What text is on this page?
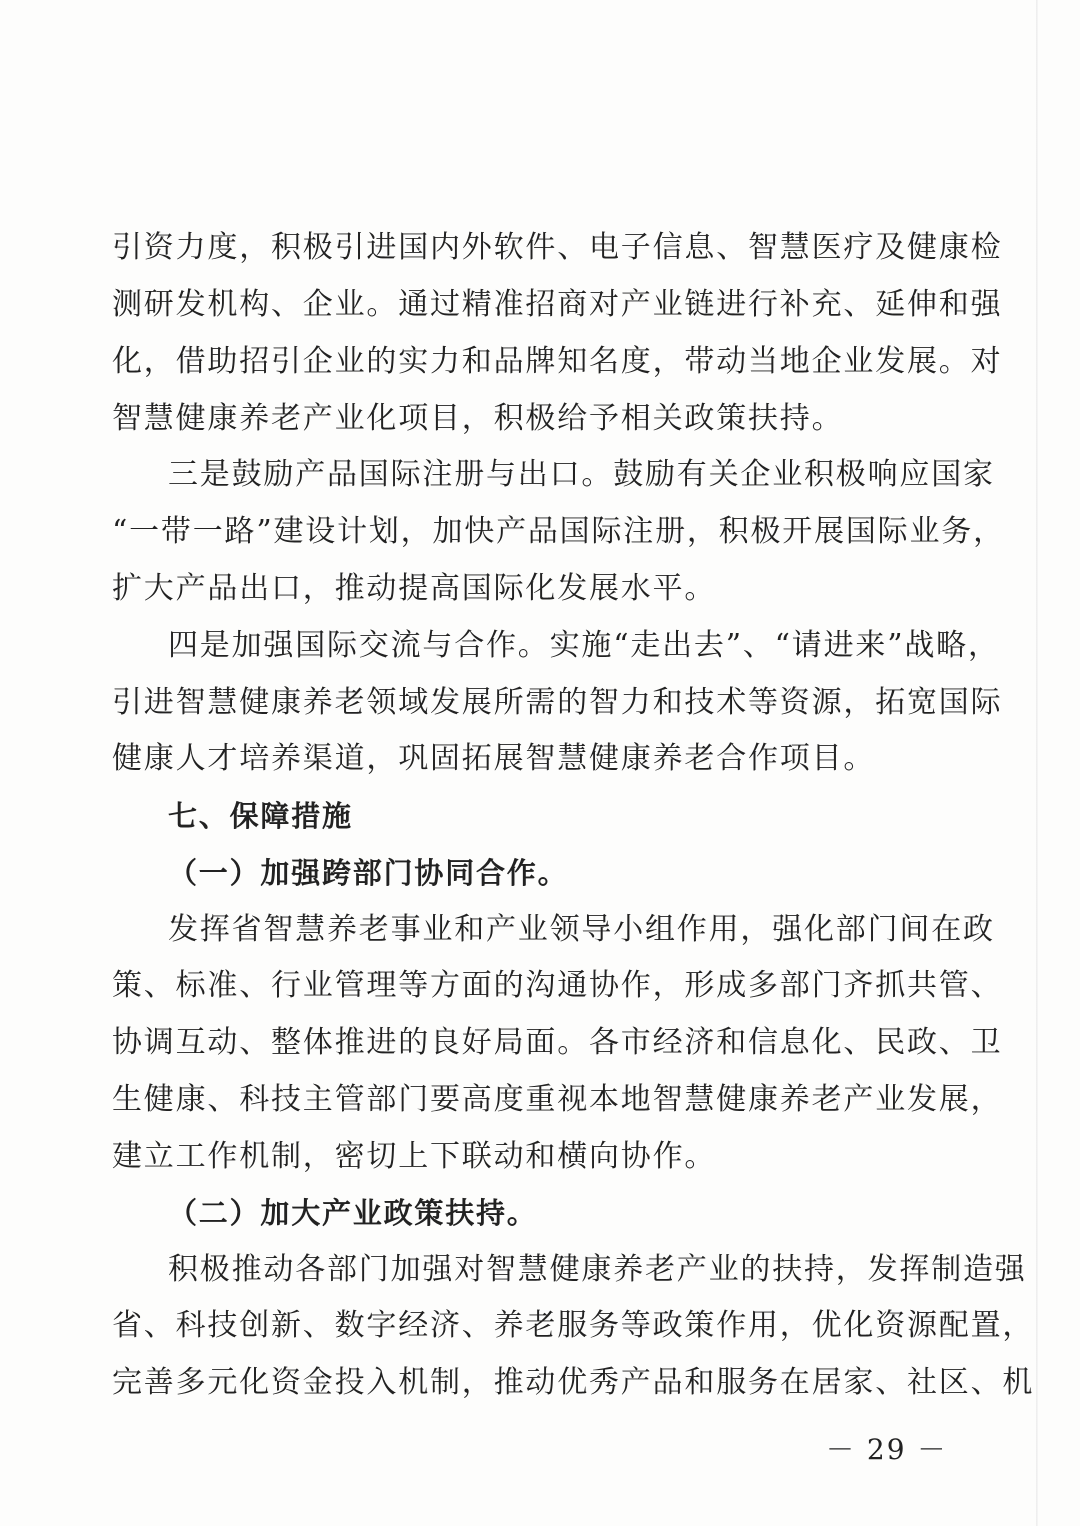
引资力度，积极引进国内外软件、电子信息、智慧医疗及健康检
测研发机构、企业。通过精准招商对产业链进行补充、延伸和强
化，借助招引企业的实力和品牌知名度，带动当地企业发展。对
智慧健康养老产业化项目，积极给予相关政策扶持。
三是鼓励产品国际注册与出口。鼓励有关企业积极响应国家
“一带一路”建设计划，加快产品国际注册，积极开展国际业务，
扩大产品出口，推动提高国际化发展水平。
四是加强国际交流与合作。实施“走出去”、“请进来”战略，
引进智慧健康养老领域发展所需的智力和技术等资源，拓宽国际
健康人才培养渠道，巩固拓展智慧健康养老合作项目。
七、保障措施
（一）加强跨部门协同合作。
发挥省智慧养老事业和产业领导小组作用，强化部门间在政
策、标准、行业管理等方面的沟通协作，形成多部门齐抓共管、
协调互动、整体推进的良好局面。各市经济和信息化、民政、卫
生健康、科技主管部门要高度重视本地智慧健康养老产业发展，
建立工作机制，密切上下联动和横向协作。
（二）加大产业政策扶持。
积极推动各部门加强对智慧健康养老产业的扶持，发挥制造强
省、科技创新、数字经济、养老服务等政策作用，优化资源配置，
完善多元化资金投入机制，推动优秀产品和服务在居家、社区、机
－ 29 －
